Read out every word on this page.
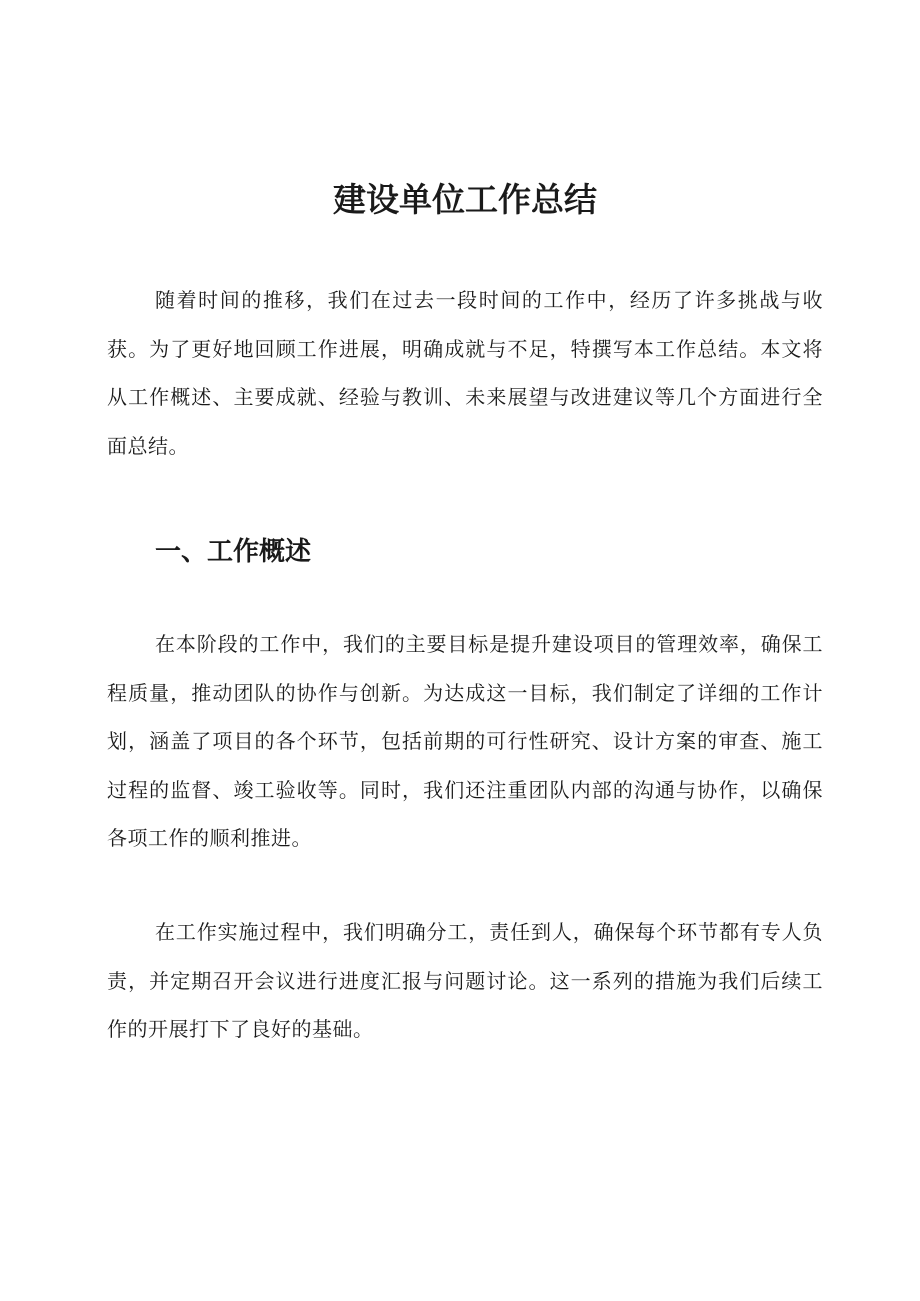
建设单位工作总结

随着时间的推移，我们在过去一段时间的工作中，经历了许多挑战与收获。为了更好地回顾工作进展，明确成就与不足，特撰写本工作总结。本文将从工作概述、主要成就、经验与教训、未来展望与改进建议等几个方面进行全面总结。

一、工作概述

在本阶段的工作中，我们的主要目标是提升建设项目的管理效率，确保工程质量，推动团队的协作与创新。为达成这一目标，我们制定了详细的工作计划，涵盖了项目的各个环节，包括前期的可行性研究、设计方案的审查、施工过程的监督、竣工验收等。同时，我们还注重团队内部的沟通与协作，以确保各项工作的顺利推进。

在工作实施过程中，我们明确分工，责任到人，确保每个环节都有专人负责，并定期召开会议进行进度汇报与问题讨论。这一系列的措施为我们后续工作的开展打下了良好的基础。
